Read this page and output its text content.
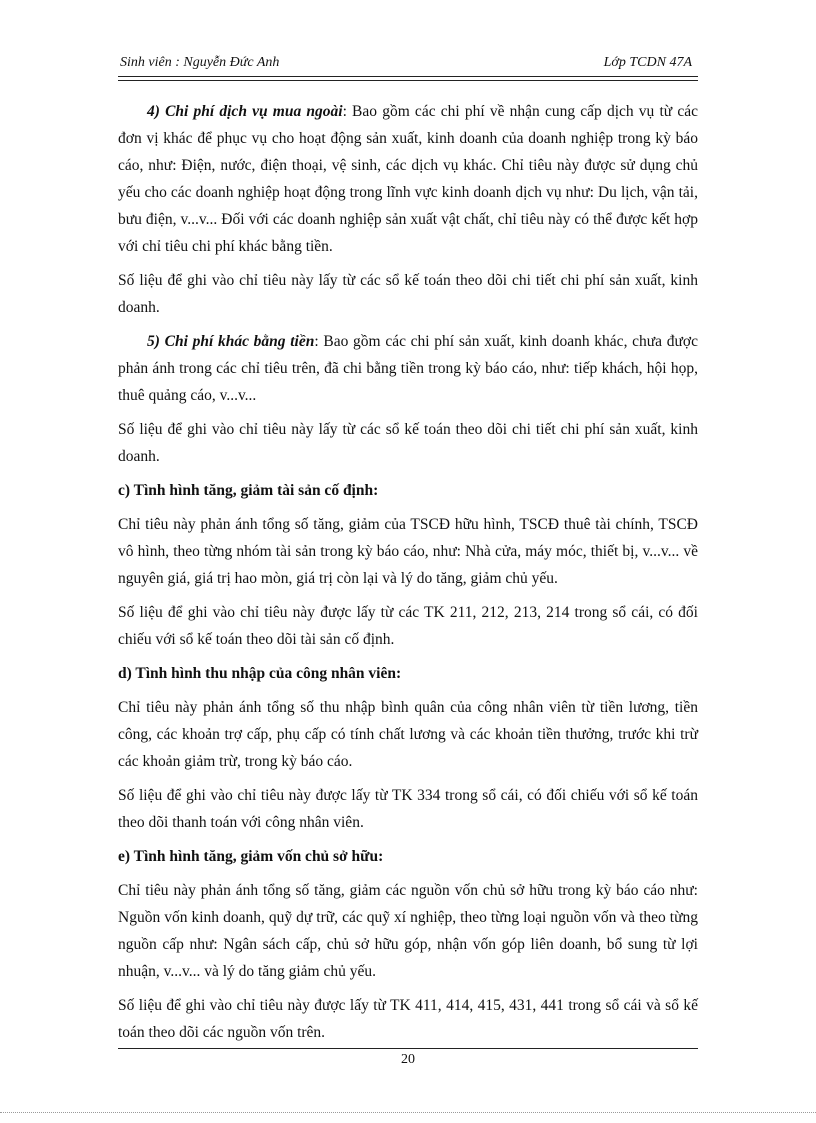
Sinh viên : Nguyễn Đức Anh	Lớp TCDN 47A

4) Chi phí dịch vụ mua ngoài: Bao gồm các chi phí về nhận cung cấp dịch vụ từ các đơn vị khác để phục vụ cho hoạt động sản xuất, kinh doanh của doanh nghiệp trong kỳ báo cáo, như: Điện, nước, điện thoại, vệ sinh, các dịch vụ khác. Chỉ tiêu này được sử dụng chủ yếu cho các doanh nghiệp hoạt động trong lĩnh vực kinh doanh dịch vụ như: Du lịch, vận tải, bưu điện, v...v... Đối với các doanh nghiệp sản xuất vật chất, chỉ tiêu này có thể được kết hợp với chỉ tiêu chi phí khác bằng tiền.

Số liệu để ghi vào chỉ tiêu này lấy từ các sổ kế toán theo dõi chi tiết chi phí sản xuất, kinh doanh.

5) Chi phí khác bằng tiền: Bao gồm các chi phí sản xuất, kinh doanh khác, chưa được phản ánh trong các chỉ tiêu trên, đã chi bằng tiền trong kỳ báo cáo, như: tiếp khách, hội họp, thuê quảng cáo, v...v...

Số liệu để ghi vào chỉ tiêu này lấy từ các sổ kế toán theo dõi chi tiết chi phí sản xuất, kinh doanh.

c) Tình hình tăng, giảm tài sản cố định:

Chỉ tiêu này phản ánh tổng số tăng, giảm của TSCĐ hữu hình, TSCĐ thuê tài chính, TSCĐ vô hình, theo từng nhóm tài sản trong kỳ báo cáo, như: Nhà cửa, máy móc, thiết bị, v...v... về nguyên giá, giá trị hao mòn, giá trị còn lại và lý do tăng, giảm chủ yếu.

Số liệu để ghi vào chỉ tiêu này được lấy từ các TK 211, 212, 213, 214 trong sổ cái, có đối chiếu với sổ kế toán theo dõi tài sản cố định.

d) Tình hình thu nhập của công nhân viên:

Chỉ tiêu này phản ánh tổng số thu nhập bình quân của công nhân viên từ tiền lương, tiền công, các khoản trợ cấp, phụ cấp có tính chất lương và các khoản tiền thưởng, trước khi trừ các khoản giảm trừ, trong kỳ báo cáo.

Số liệu để ghi vào chỉ tiêu này được lấy từ TK 334 trong sổ cái, có đối chiếu với sổ kế toán theo dõi thanh toán với công nhân viên.

e) Tình hình tăng, giảm vốn chủ sở hữu:

Chỉ tiêu này phản ánh tổng số tăng, giảm các nguồn vốn chủ sở hữu trong kỳ báo cáo như: Nguồn vốn kinh doanh, quỹ dự trữ, các quỹ xí nghiệp, theo từng loại nguồn vốn và theo từng nguồn cấp như: Ngân sách cấp, chủ sở hữu góp, nhận vốn góp liên doanh, bổ sung từ lợi nhuận, v...v... và lý do tăng giảm chủ yếu.

Số liệu để ghi vào chỉ tiêu này được lấy từ TK 411, 414, 415, 431, 441 trong sổ cái và sổ kế toán theo dõi các nguồn vốn trên.

20
